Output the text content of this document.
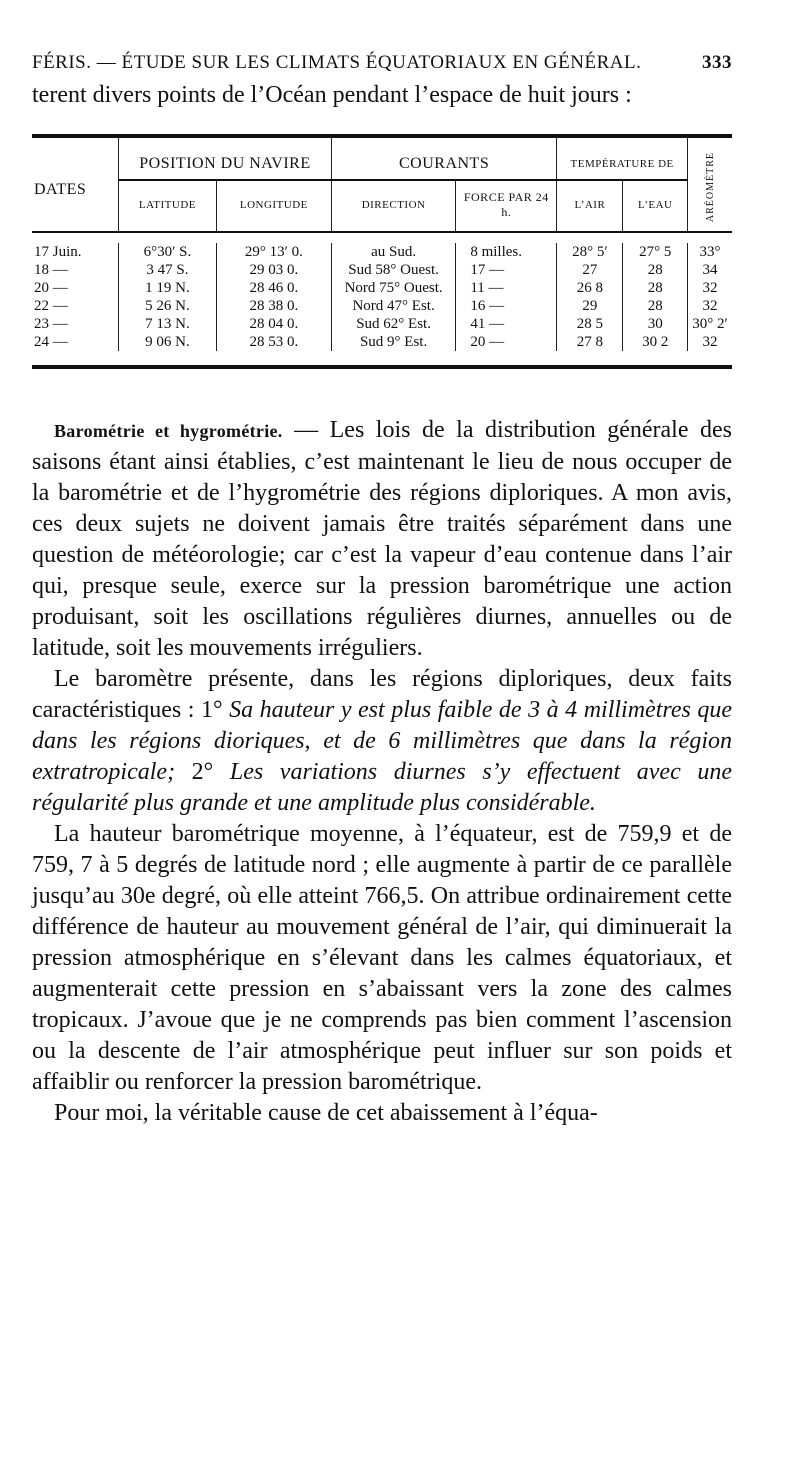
FÉRIS. — ÉTUDE SUR LES CLIMATS ÉQUATORIAUX EN GÉNÉRAL.	333
terent divers points de l’Océan pendant l’espace de huit jours :
DATES	POSITION DU NAVIRE		COURANTS		TEMPÉRATURE DE		ARÉOMÈTRE
	LATITUDE	LONGITUDE	DIRECTION	FORCE PAR 24 h.	L’AIR	L’EAU	

17 Juin.	6°30′ S.	29° 13′ 0.	au Sud.	8 milles.	28° 5′	27° 5	33°
18 —	3 47 S.	29 03 0.	Sud 58° Ouest.	17 —	27	28	34
20 —	1 19 N.	28 46 0.	Nord 75° Ouest.	11 —	26 8	28	32
22 —	5 26 N.	28 38 0.	Nord 47° Est.	16 —	29	28	32
23 —	7 13 N.	28 04 0.	Sud 62° Est.	41 —	28 5	30	30° 2′
24 —	9 06 N.	28 53 0.	Sud 9° Est.	20 —	27 8	30 2	32

Barométrie et hygrométrie. — Les lois de la distribution générale des saisons étant ainsi établies, c’est maintenant le lieu de nous occuper de la barométrie et de l’hygrométrie des régions diploriques. A mon avis, ces deux sujets ne doivent jamais être traités séparément dans une question de météorologie; car c’est la vapeur d’eau contenue dans l’air qui, presque seule, exerce sur la pression barométrique une action produisant, soit les oscillations régulières diurnes, annuelles ou de latitude, soit les mouvements irréguliers.

Le baromètre présente, dans les régions diploriques, deux faits caractéristiques : 1° Sa hauteur y est plus faible de 3 à 4 millimètres que dans les régions dioriques, et de 6 millimètres que dans la région extratropicale; 2° Les variations diurnes s’y effectuent avec une régularité plus grande et une amplitude plus considérable.

La hauteur barométrique moyenne, à l’équateur, est de 759,9 et de 759, 7 à 5 degrés de latitude nord ; elle augmente à partir de ce parallèle jusqu’au 30e degré, où elle atteint 766,5. On attribue ordinairement cette différence de hauteur au mouvement général de l’air, qui diminuerait la pression atmosphérique en s’élevant dans les calmes équatoriaux, et augmenterait cette pression en s’abaissant vers la zone des calmes tropicaux. J’avoue que je ne comprends pas bien comment l’ascension ou la descente de l’air atmosphérique peut influer sur son poids et affaiblir ou renforcer la pression barométrique.

Pour moi, la véritable cause de cet abaissement à l’équa-
